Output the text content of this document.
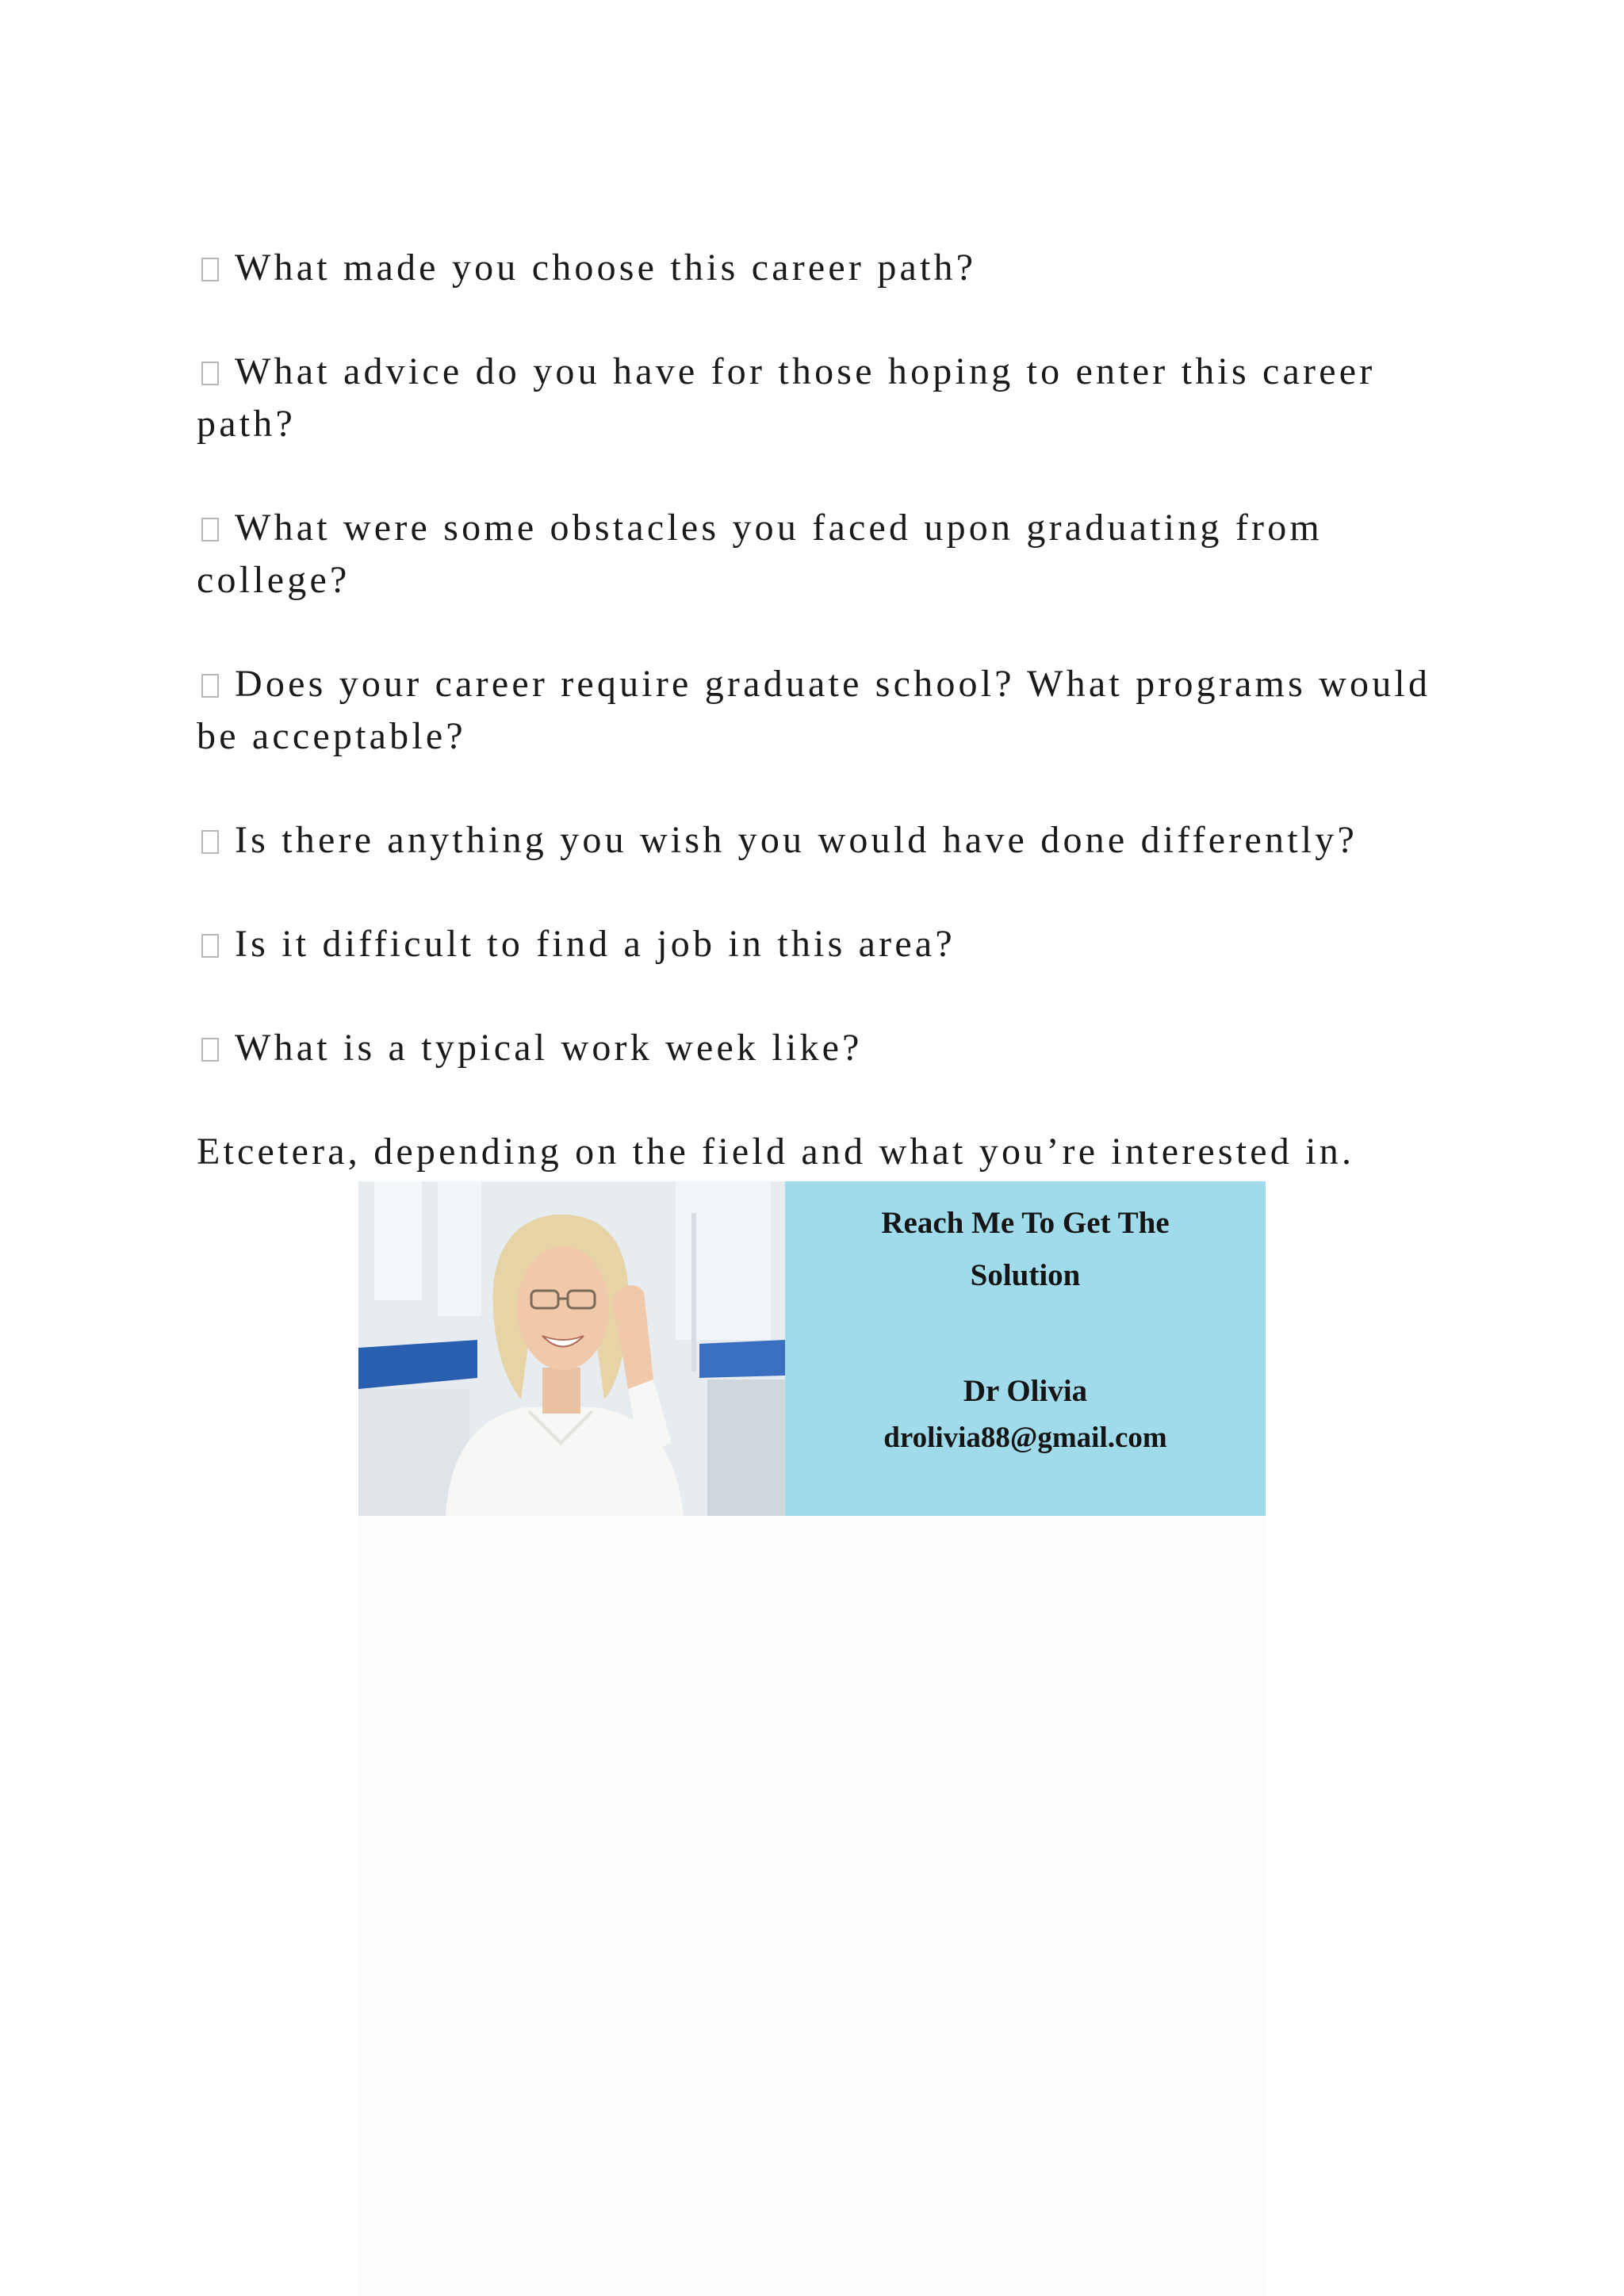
What made you choose this career path?

What advice do you have for those hoping to enter this career path?

What were some obstacles you faced upon graduating from college?

Does your career require graduate school? What programs would be acceptable?

Is there anything you wish you would have done differently?

Is it difficult to find a job in this area?

What is a typical work week like?

Etcetera, depending on the field and what you’re interested in.

Reach Me To Get The
Solution
Dr Olivia
drolivia88@gmail.com
